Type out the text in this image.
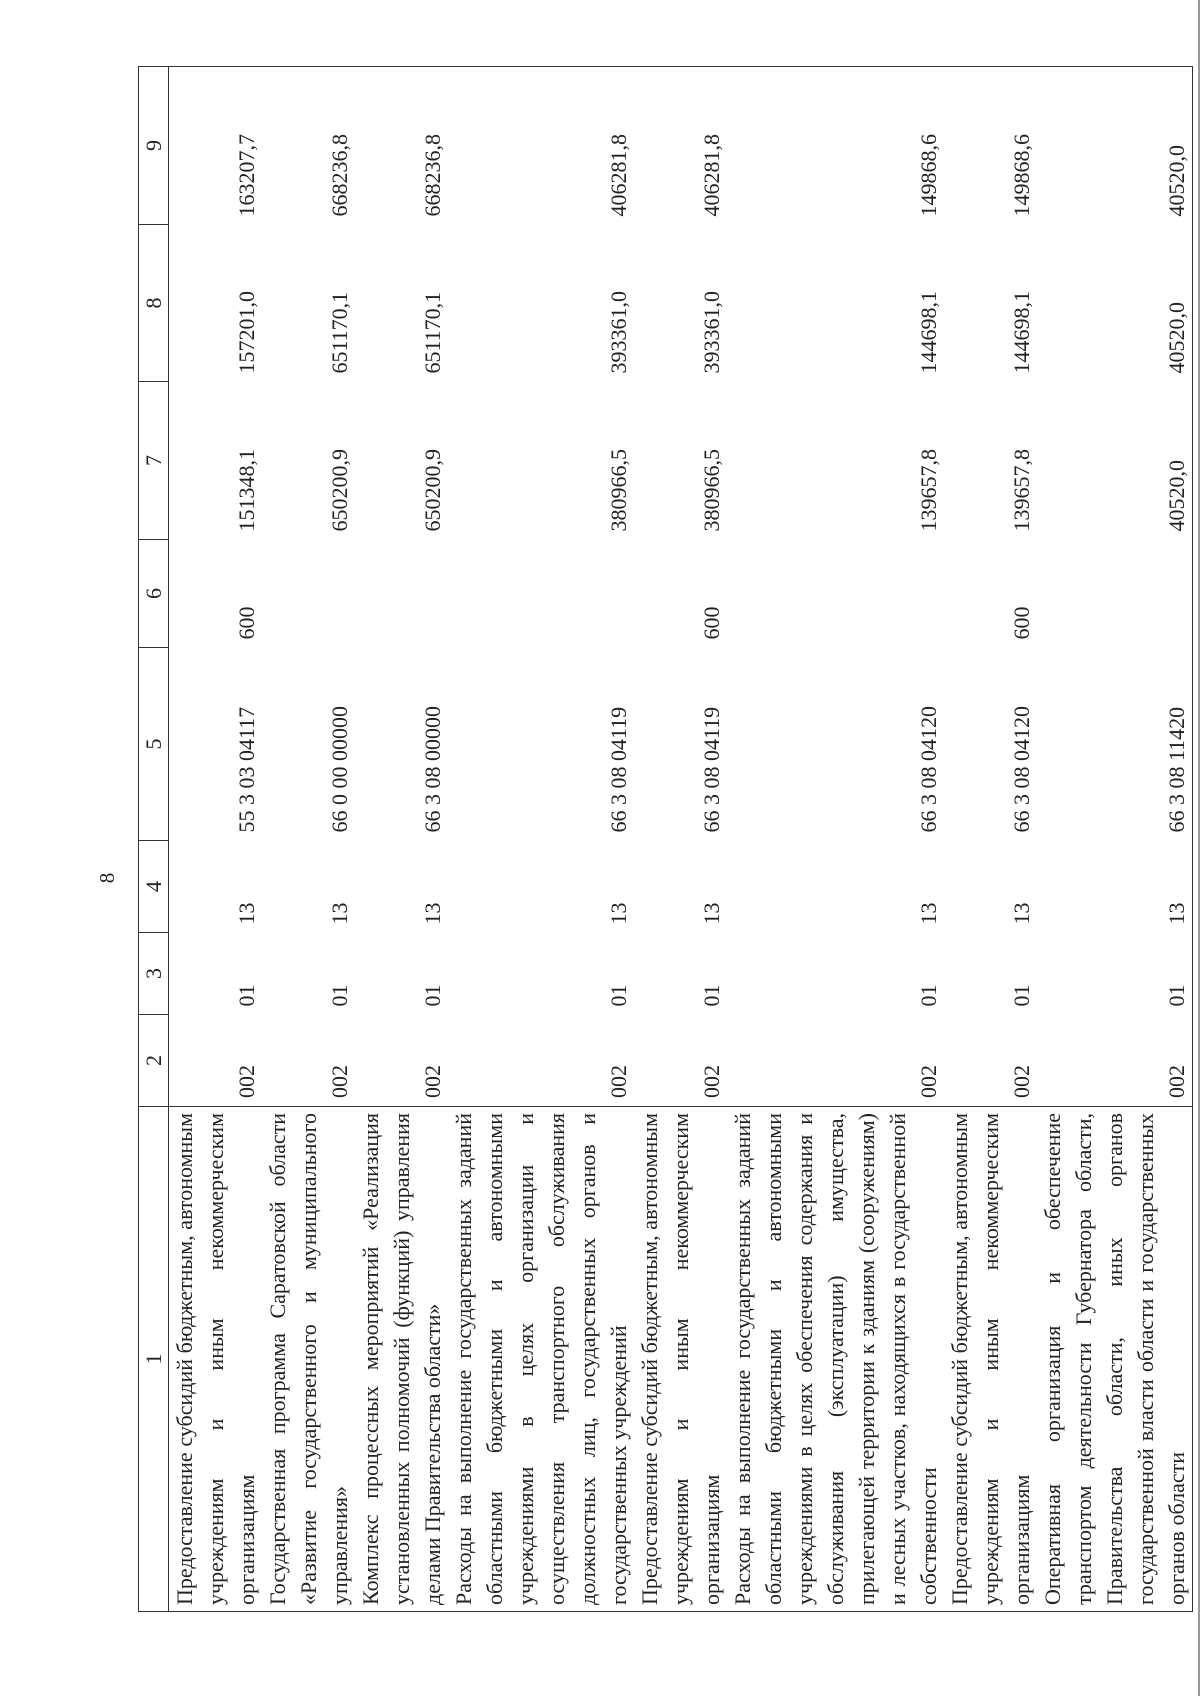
8
1	2	3	4	5	6	7	8	9
Предоставление субсидий бюджетным, автономным учреждениям и иным некоммерческим организациям	002	01	13	55 3 03 04117	600	151348,1	157201,0	163207,7
Государственная программа Саратовской области «Развитие государственного и муниципального управления»	002	01	13	66 0 00 00000		650200,9	651170,1	668236,8
Комплекс процессных мероприятий «Реализация установленных полномочий (функций) управления делами Правительства области»	002	01	13	66 3 08 00000		650200,9	651170,1	668236,8
Расходы на выполнение государственных заданий областными бюджетными и автономными учреждениями в целях организации и осуществления транспортного обслуживания должностных лиц, государственных органов и государственных учреждений	002	01	13	66 3 08 04119		380966,5	393361,0	406281,8
Предоставление субсидий бюджетным, автономным учреждениям и иным некоммерческим организациям	002	01	13	66 3 08 04119	600	380966,5	393361,0	406281,8
Расходы на выполнение государственных заданий областными бюджетными и автономными учреждениями в целях обеспечения содержания и обслуживания (эксплуатации) имущества, прилегающей территории к зданиям (сооружениям) и лесных участков, находящихся в государственной собственности	002	01	13	66 3 08 04120		139657,8	144698,1	149868,6
Предоставление субсидий бюджетным, автономным учреждениям и иным некоммерческим организациям	002	01	13	66 3 08 04120	600	139657,8	144698,1	149868,6
Оперативная организация и обеспечение транспортом деятельности Губернатора области, Правительства области, иных органов государственной власти области и государственных органов области	002	01	13	66 3 08 11420		40520,0	40520,0	40520,0
